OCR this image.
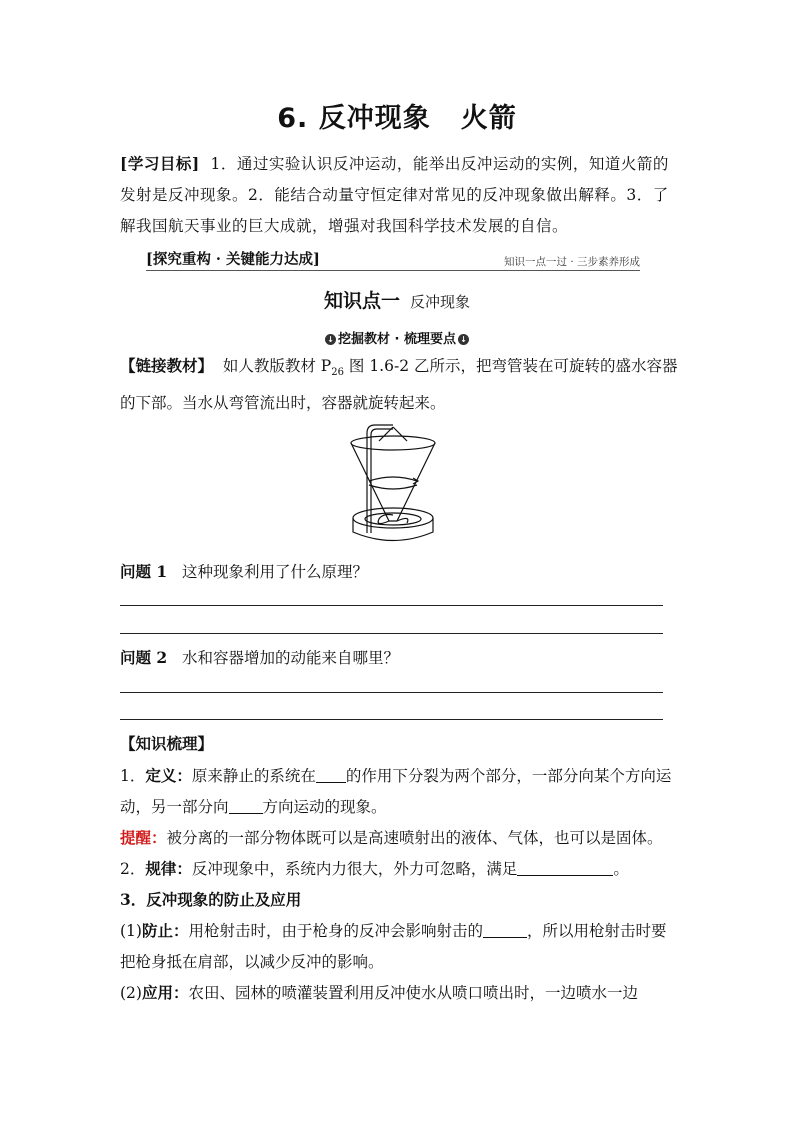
6. 反冲现象 火箭
[学习目标] 1．通过实验认识反冲运动，能举出反冲运动的实例，知道火箭的发射是反冲现象。2．能结合动量守恒定律对常见的反冲现象做出解释。3．了解我国航天事业的巨大成就，增强对我国科学技术发展的自信。
[探究重构 · 关键能力达成]	知识一点一过 · 三步素养形成
知识点一 反冲现象
↓ 挖掘教材 · 梳理要点 ↓
【链接教材】 如人教版教材 $P_{26}$ 图 1.6-2 乙所示，把弯管装在可旋转的盛水容器的下部。当水从弯管流出时，容器就旋转起来。
问题 1 这种现象利用了什么原理？
问题 2 水和容器增加的动能来自哪里？
【知识梳理】
1．定义：原来静止的系统在 的作用下分裂为两个部分，一部分向某个方向运动，另一部分向 方向运动的现象。
提醒：被分离的一部分物体既可以是高速喷射出的液体、气体，也可以是固体。
2．规律：反冲现象中，系统内力很大，外力可忽略，满足	。
3．反冲现象的防止及应用
(1)防止：用枪射击时，由于枪身的反冲会影响射击的	，所以用枪射击时要把枪身抵在肩部，以减少反冲的影响。
(2)应用：农田、园林的喷灌装置利用反冲使水从喷口喷出时，一边喷水一边
